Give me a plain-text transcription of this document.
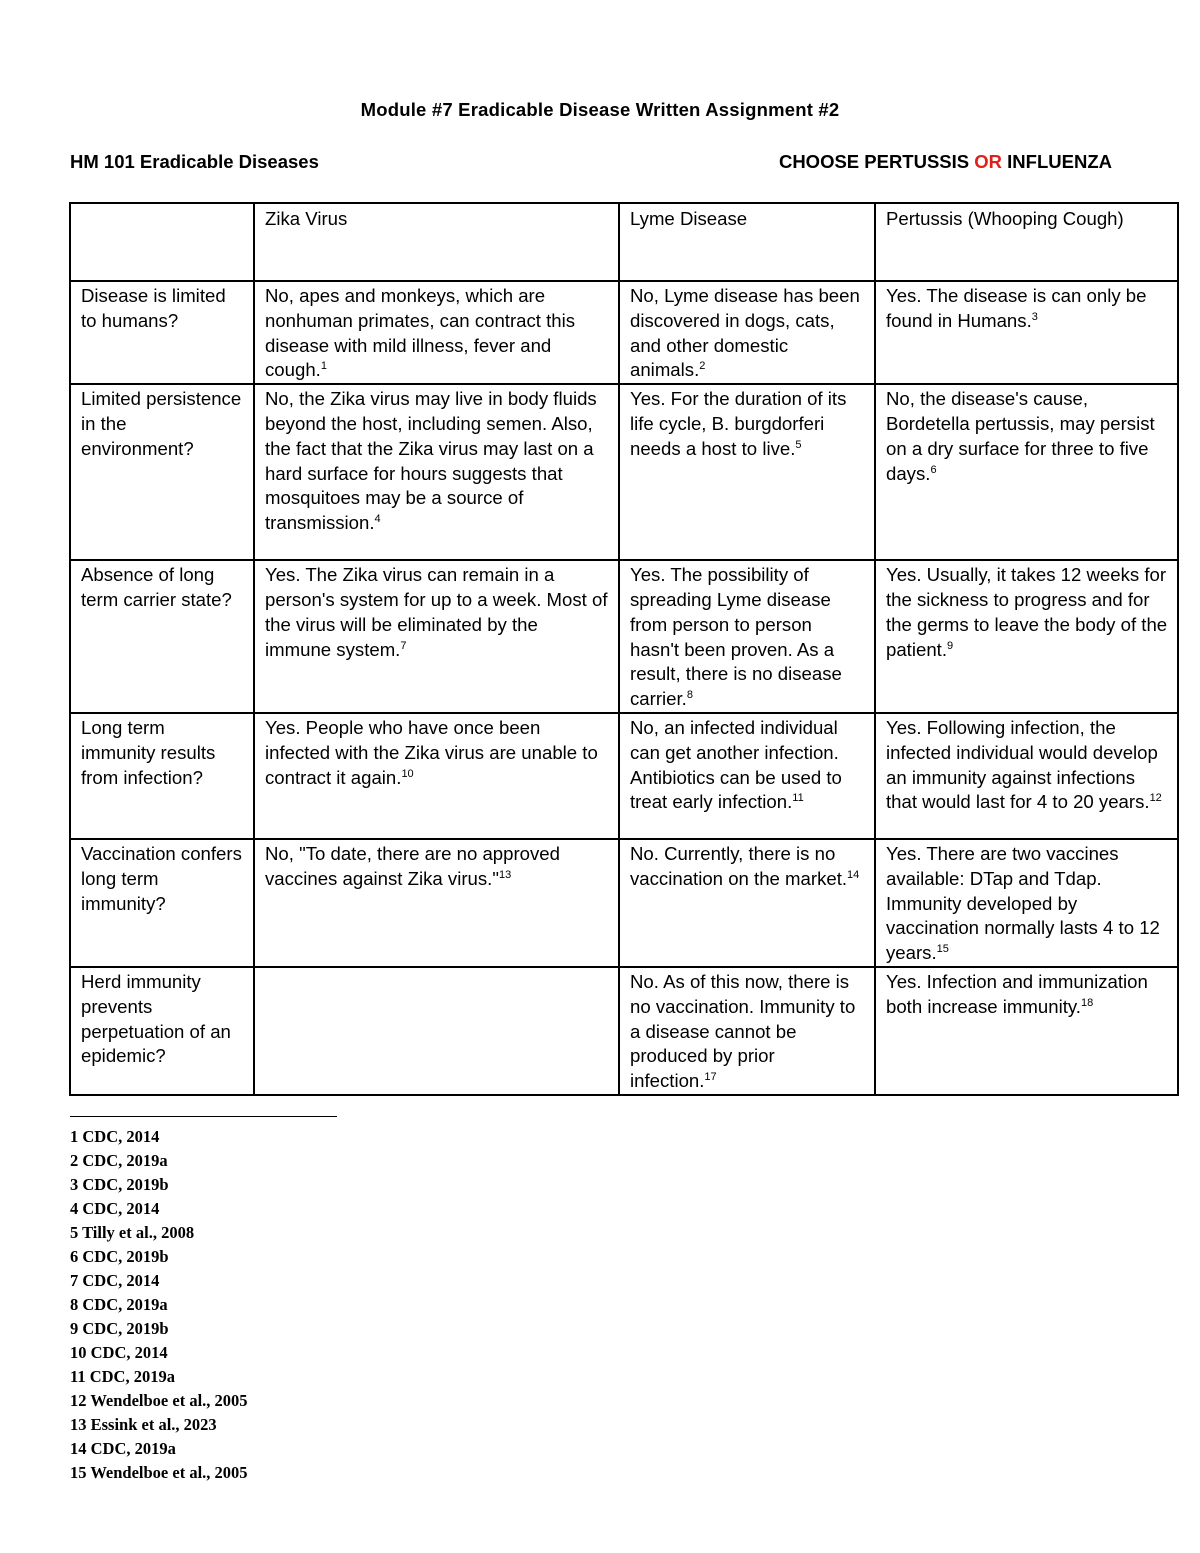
Module #7 Eradicable Disease Written Assignment #2
HM 101 Eradicable Diseases	CHOOSE PERTUSSIS OR INFLUENZA
	Zika Virus	Lyme Disease	Pertussis (Whooping Cough)
Disease is limited to humans?	No, apes and monkeys, which are nonhuman primates, can contract this disease with mild illness, fever and cough.$^1$	No, Lyme disease has been discovered in dogs, cats, and other domestic animals.$^2$	Yes. The disease is can only be found in Humans.$^3$
Limited persistence in the environment?	No, the Zika virus may live in body fluids beyond the host, including semen. Also, the fact that the Zika virus may last on a hard surface for hours suggests that mosquitoes may be a source of transmission.$^4$	Yes. For the duration of its life cycle, B. burgdorferi needs a host to live.$^5$	No, the disease's cause, Bordetella pertussis, may persist on a dry surface for three to five days.$^6$
Absence of long term carrier state?	Yes. The Zika virus can remain in a person's system for up to a week. Most of the virus will be eliminated by the immune system.$^7$	Yes. The possibility of spreading Lyme disease from person to person hasn't been proven. As a result, there is no disease carrier.$^8$	Yes. Usually, it takes 12 weeks for the sickness to progress and for the germs to leave the body of the patient.$^9$
Long term immunity results from infection?	Yes. People who have once been infected with the Zika virus are unable to contract it again.$^{10}$	No, an infected individual can get another infection. Antibiotics can be used to treat early infection.$^{11}$	Yes. Following infection, the infected individual would develop an immunity against infections that would last for 4 to 20 years.$^{12}$
Vaccination confers long term immunity?	No, "To date, there are no approved vaccines against Zika virus."$^{13}$	No. Currently, there is no vaccination on the market.$^{14}$	Yes. There are two vaccines available: DTap and Tdap. Immunity developed by vaccination normally lasts 4 to 12 years.$^{15}$
Herd immunity prevents perpetuation of an epidemic?		No. As of this now, there is no vaccination. Immunity to a disease cannot be produced by prior infection.$^{17}$	Yes. Infection and immunization both increase immunity.$^{18}$
1 CDC, 2014
2 CDC, 2019a
3 CDC, 2019b
4 CDC, 2014
5 Tilly et al., 2008
6 CDC, 2019b
7 CDC, 2014
8 CDC, 2019a
9 CDC, 2019b
10 CDC, 2014
11 CDC, 2019a
12 Wendelboe et al., 2005
13 Essink et al., 2023
14 CDC, 2019a
15 Wendelboe et al., 2005
